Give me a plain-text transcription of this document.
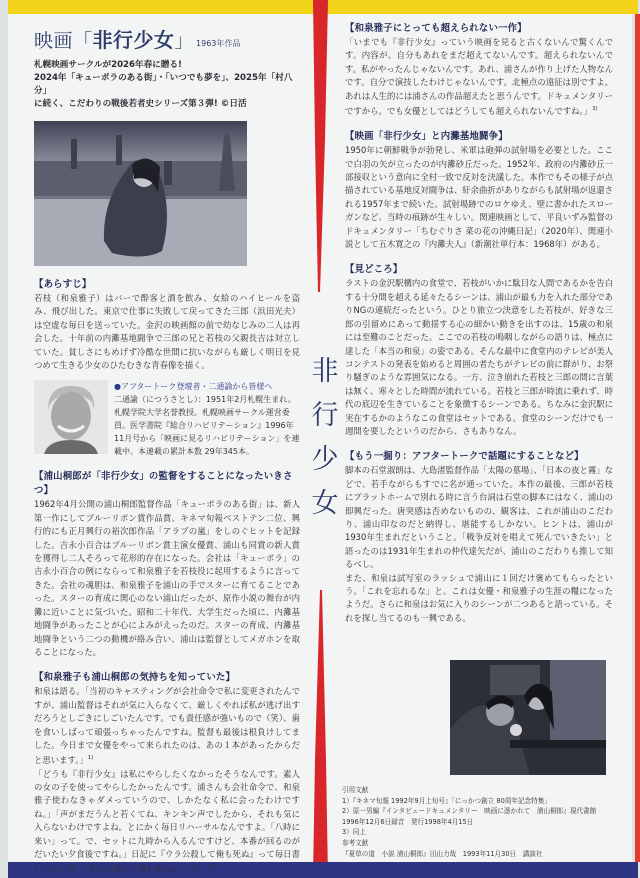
映画「非行少女」 1963年作品
札幌映画サークルが2026年春に贈る!
2024年「キューポラのある街」・「いつでも夢を」、2025年「村八分」
に続く、こだわりの戦後若者史シリーズ第３弾! ©日活
【あらすじ】
若枝（和泉雅子）はバーで酔客と酒を飲み、女給のハイヒールを盗み、飛び出した。東京で仕事に失敗して戻ってきた三郎（浜田光夫）は空虚な毎日を送っていた。金沢の映画館の前で幼なじみの二人は再会した。十年前の内灘基地闘争で三郎の兄と若枝の父親長吉は対立していた。貧しさにもめげず冷酷な世間に抗いながらも厳しく明日を見つめて生きる少女のひたむきな青春像を描く。
●アフタートーク登壇者・二通諭から皆様へ
二通諭（につうさとし）：1951年2月札幌生まれ。札幌学院大学名誉教授。札幌映画サークル運営委員。医学書院『総合リハビリテーション』1996年11月号から「映画に見るリハビリテーション」を連載中。本連載の累計本数 29年345本。
【浦山桐郎が「非行少女」の監督をすることになったいきさつ】
1962年4月公開の浦山桐郎監督作品「キューポラのある街」は、新人第一作にしてブルーリボン賞作品賞、キネマ旬報ベストテン二位、興行的にも正月興行の裕次郎作品「アラブの嵐」をしのぐヒットを記録した。吉永小百合はブルーリボン賞主演女優賞、浦山も同賞の新人賞を獲得し二人そろって花形的存在になった。会社は「キューポラ」の吉永小百合の例にならって和泉雅子を若枝役に起用するように言ってきた。会社の魂胆は、和泉雅子を浦山の手でスターに育てることであった。スターの育成に関心のない浦山だったが、原作小説の舞台が内灘に近いことに気づいた。昭和二十年代、大学生だった頃に、内灘基地闘争があったことが心によみがえったのだ。スターの育成、内灘基地闘争という二つの動機が絡み合い、浦山は監督としてメガホンを取ることになった。
【和泉雅子も浦山桐郎の気持ちを知っていた】
和泉は語る。「当初のキャスティングが会社命令で私に変更されたんですが、浦山監督はそれが気に入らなくて、厳しくやれば私が逃げ出すだろうとしごきにしごいたんです。でも責任感が強いもので（笑）、歯を食いしばって頑張っちゃったんですね。監督も最後は根負けしてました。今日まで女優をやって来られたのは、あの１本があったからだと思います。」$^{1)}$
「どうも『非行少女』は私にやらしたくなかったそうなんです。素人の女の子を使ってやらしたかったんです。浦さんも会社命令で、和泉雅子使わなきゃダメっていうので、しかたなく私に会ったわけですね。」「声がまだうんと若くてね、キンキン声でしたから、それも気に入らないわけですよね。とにかく毎日リハーサルなんですよ。「八時に来い」って。で、セットに九時から入るんですけど、本番が回るのがだいたい夕食後ですね。」日記に『ウラ公殺して俺も死ぬ』って毎日書いたんです。『あいつ殺して俺も死ぬ』って。」$^{2)}$
非
行
少
女
【和泉雅子にとっても超えられない一作】
「いまでも『非行少女』っていう映画を見ると古くないんで驚くんです。内容が、自分もあれをまだ超えてないんです。超えられないんです。私がやったんじゃないんです。あれ、浦さんが作り上げた人物なんです。自分で演技したわけじゃないんです。北極点の遠征は別ですよ。あれは人生的には浦さんの作品超えたと思うんです。ドキュメンタリーですから。でも女優としてはどうしても超えられないんですね。」$^{3)}$
【映画「非行少女」と内灘基地闘争】
1950年に朝鮮戦争が勃発し、米軍は砲弾の試射場を必要とした。ここで白羽の矢が立ったのが内灘砂丘だった。1952年、政府の内灘砂丘一部接収という意向に全村一致で反対を決議した。本作でもその様子が点描されている基地反対闘争は、紆余曲折がありながらも試射場が返還される1957年まで続いた。試射場跡でのロケゆえ、壁に書かれたスローガンなど、当時の痕跡が生々しい。関連映画として、平良いずみ監督のドキュメンタリー「ちむぐりさ 菜の花の沖縄日記」（2020年）、関連小説として五木寛之の『内灘夫人』（新潮社単行本：1968年）がある。
【見どころ】
ラストの金沢駅構内の食堂で、若枝がいかに駄目な人間であるかを告白する十分間を超える延々たるシーンは、浦山が最も力を入れた部分でありNGの連続だったという。ひとり旅立つ決意をした若枝が、好きな三郎の引留めにあって動揺する心の細かい動きを出すのは、15歳の和泉には至難のことだった。ここでの若枝の嗚咽しながらの語りは、極点に達した「本当の和泉」の姿である。そんな最中に食堂内のテレビが美人コンテストの発表を始めると周囲の者たちがテレビの前に群がり、お祭り騒ぎのような雰囲気になる。一方、泣き崩れた若枝と三郎の間に言葉は無く、寒々とした時間が流れている。若枝と三郎が時流に乗れず、時代の底辺を生きていることを象徴するシーンである。ちなみに金沢駅に実在するかのようなこの食堂はセットである。食堂のシーンだけでも一週間を要したというのだから、さもありなん。
【もう一掘り：アフタートークで話題にすることなど】
脚本の石堂淑朗は、大島渚監督作品「太陽の墓場」、「日本の夜と霧」などで、若手ながらもすでに名が通っていた。本作の最後、三郎が若枝にプラットホームで別れる時に言う台詞は石堂の脚本にはなく、浦山の即興だった。唐突感は否めないものの、観客は、これが浦山のこだわり、浦山印なのだと納得し、堪能するしかない。ヒントは、浦山が1930年生まれだということ。「戦争反対を唱えて死んでいきたい」と語ったのは1931年生まれの仲代達矢だが、浦山のこだわりも推して知るべし。
また、和泉は試写室のラッシュで浦山に１回だけ褒めてもらったという。「これを忘れるな」と。これは女優・和泉雅子の生涯の糧になったようだ。さらに和泉はお気に入りのシーンが二つあると語っている。それを探し当てるのも一興である。
引用文献
1）『キネマ旬報 1992年9月上旬号』「にっかつ創立 80周年記念特集」
2）原一男編『インタビュードキュメンタリー　映画に憑かれて　浦山桐郎』現代書館
1996年12月6日録音　発行1998年4月15日
3）同上
参考文献
『夏草の道　小説 浦山桐郎』田山力哉　1993年11月30日　講談社
